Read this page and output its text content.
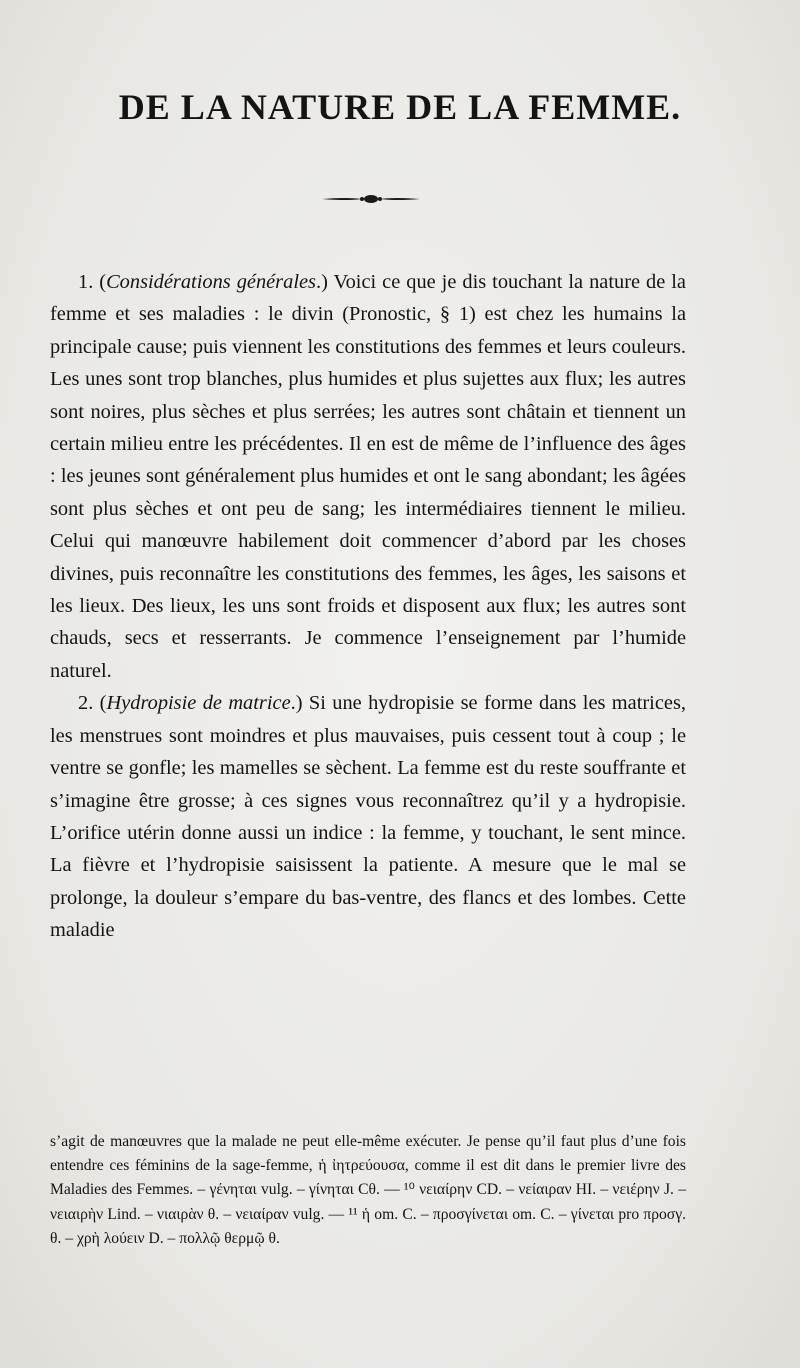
DE LA NATURE DE LA FEMME.

1. (Considérations générales.) Voici ce que je dis touchant la nature de la femme et ses maladies : le divin (Pronostic, § 1) est chez les humains la principale cause; puis viennent les constitutions des femmes et leurs couleurs. Les unes sont trop blanches, plus humides et plus sujettes aux flux; les autres sont noires, plus sèches et plus serrées; les autres sont châtain et tiennent un certain milieu entre les précédentes. Il en est de même de l’influence des âges : les jeunes sont généralement plus humides et ont le sang abondant; les âgées sont plus sèches et ont peu de sang; les intermédiaires tiennent le milieu. Celui qui manœuvre habilement doit commencer d’abord par les choses divines, puis reconnaître les constitutions des femmes, les âges, les saisons et les lieux. Des lieux, les uns sont froids et disposent aux flux; les autres sont chauds, secs et resserrants. Je commence l’enseignement par l’humide naturel.

2. (Hydropisie de matrice.) Si une hydropisie se forme dans les matrices, les menstrues sont moindres et plus mauvaises, puis cessent tout à coup ; le ventre se gonfle; les mamelles se sèchent. La femme est du reste souffrante et s’imagine être grosse; à ces signes vous reconnaîtrez qu’il y a hydropisie. L’orifice utérin donne aussi un indice : la femme, y touchant, le sent mince. La fièvre et l’hydropisie saisissent la patiente. A mesure que le mal se prolonge, la douleur s’empare du bas-ventre, des flancs et des lombes. Cette maladie

s’agit de manœuvres que la malade ne peut elle-même exécuter. Je pense qu’il faut plus d’une fois entendre ces féminins de la sage-femme, ἡ ἰητρεύουσα, comme il est dit dans le premier livre des Maladies des Femmes. – γένηται vulg. – γίνηται Cθ. — ¹⁰ νειαίρην CD. – νείαιραν HI. – νειέρην J. – νειαιρὴν Lind. – νιαιρὰν θ. – νειαίραν vulg. — ¹¹ ἡ om. C. – προσγίνεται om. C. – γίνεται pro προσγ. θ. – χρὴ λούειν D. – πολλῷ θερμῷ θ.
